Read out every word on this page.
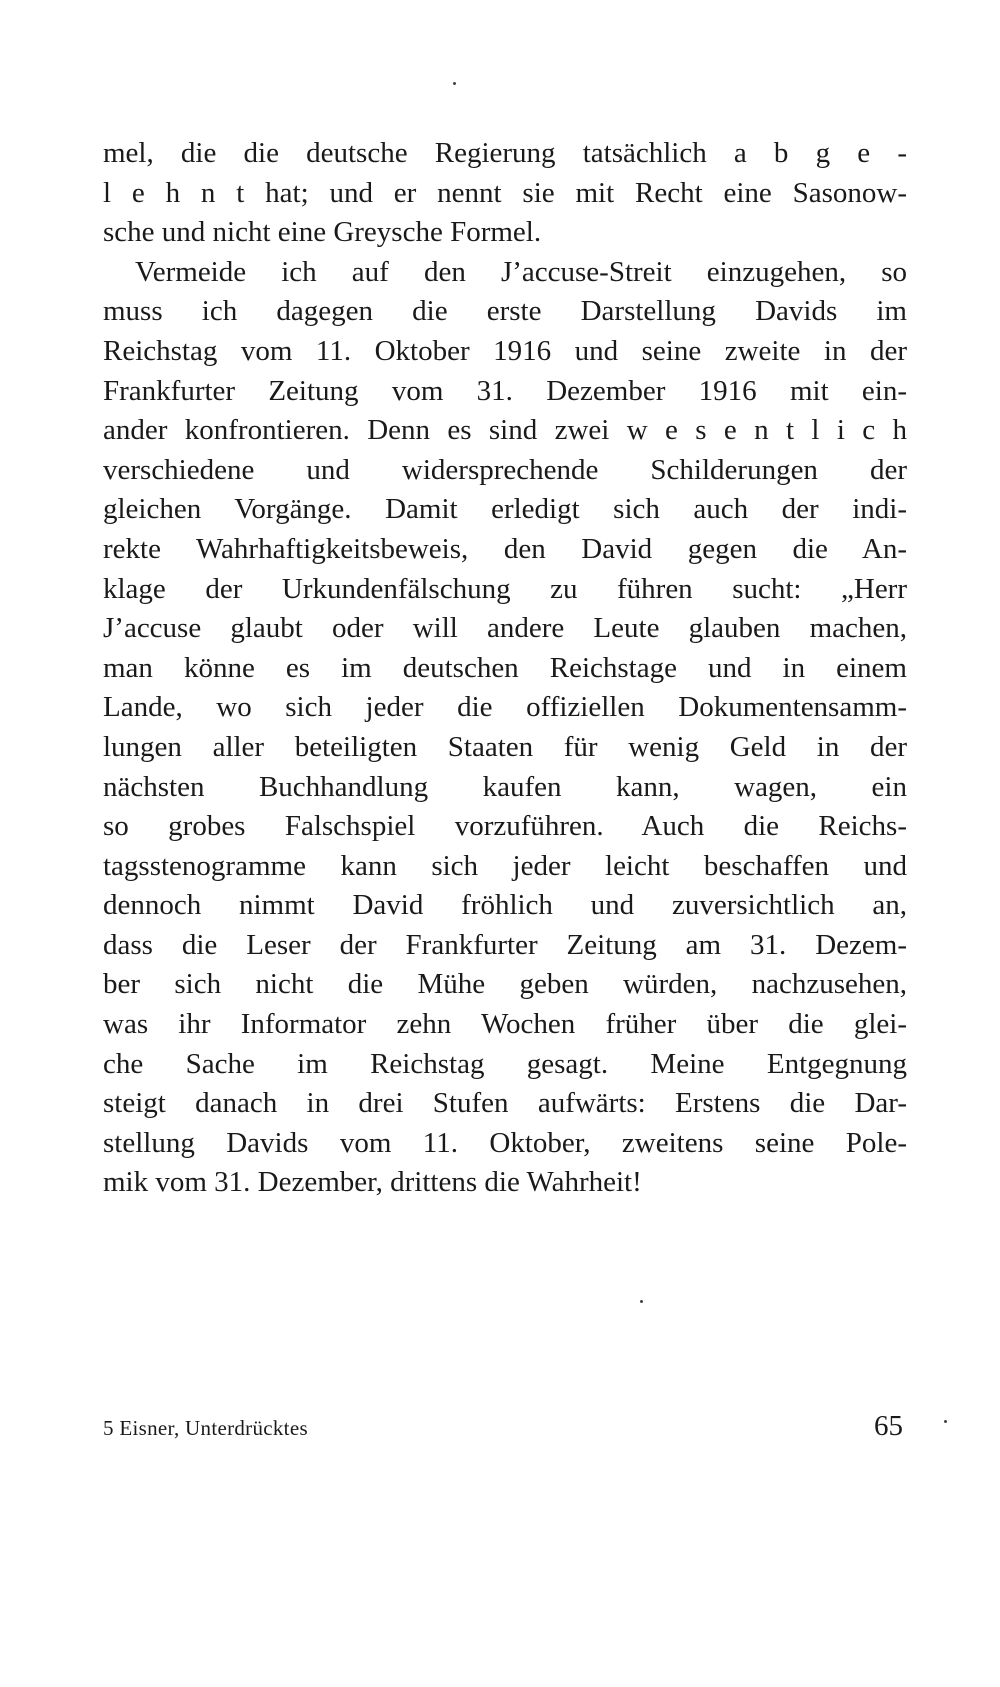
mel, die die deutsche Regierung tatsächlich a b g e -
l e h n t hat; und er nennt sie mit Recht eine Sasonow-
sche und nicht eine Greysche Formel.
Vermeide ich auf den J’accuse-Streit einzugehen, so
muss ich dagegen die erste Darstellung Davids im
Reichstag vom 11. Oktober 1916 und seine zweite in der
Frankfurter Zeitung vom 31. Dezember 1916 mit ein-
ander konfrontieren. Denn es sind zwei w e s e n t l i c h
verschiedene und widersprechende Schilderungen der
gleichen Vorgänge. Damit erledigt sich auch der indi-
rekte Wahrhaftigkeitsbeweis, den David gegen die An-
klage der Urkundenfälschung zu führen sucht: „Herr
J’accuse glaubt oder will andere Leute glauben machen,
man könne es im deutschen Reichstage und in einem
Lande, wo sich jeder die offiziellen Dokumentensamm-
lungen aller beteiligten Staaten für wenig Geld in der
nächsten Buchhandlung kaufen kann, wagen, ein
so grobes Falschspiel vorzuführen. Auch die Reichs-
tagsstenogramme kann sich jeder leicht beschaffen und
dennoch nimmt David fröhlich und zuversichtlich an,
dass die Leser der Frankfurter Zeitung am 31. Dezem-
ber sich nicht die Mühe geben würden, nachzusehen,
was ihr Informator zehn Wochen früher über die glei-
che Sache im Reichstag gesagt. Meine Entgegnung
steigt danach in drei Stufen aufwärts: Erstens die Dar-
stellung Davids vom 11. Oktober, zweitens seine Pole-
mik vom 31. Dezember, drittens die Wahrheit!
5 Eisner, Unterdrücktes	65
